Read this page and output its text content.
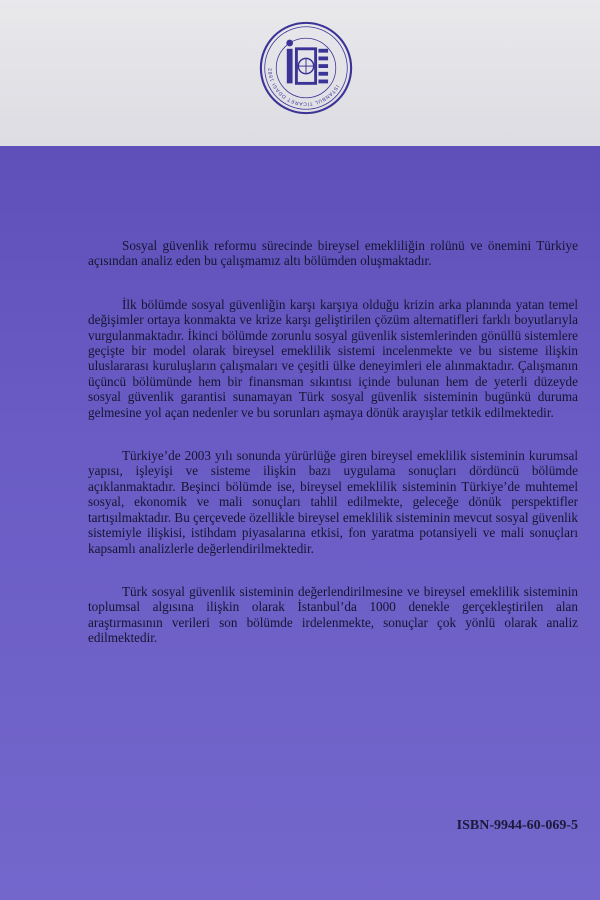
İSTANBUL TİCARET ODASI 1882

Sosyal güvenlik reformu sürecinde bireysel emekliliğin rolünü ve önemini Türkiye açısından analiz eden bu çalışmamız altı bölümden oluşmaktadır.

İlk bölümde sosyal güvenliğin karşı karşıya olduğu krizin arka planında yatan temel değişimler ortaya konmakta ve krize karşı geliştirilen çözüm alternatifleri farklı boyutlarıyla vurgulanmaktadır. İkinci bölümde zorunlu sosyal güvenlik sistemlerinden gönüllü sistemlere geçişte bir model olarak bireysel emeklilik sistemi incelenmekte ve bu sisteme ilişkin uluslararası kuruluşların çalışmaları ve çeşitli ülke deneyimleri ele alınmaktadır. Çalışmanın üçüncü bölümünde hem bir finansman sıkıntısı içinde bulunan hem de yeterli düzeyde sosyal güvenlik garantisi sunamayan Türk sosyal güvenlik sisteminin bugünkü duruma gelmesine yol açan nedenler ve bu sorunları aşmaya dönük arayışlar tetkik edilmektedir.

Türkiye’de 2003 yılı sonunda yürürlüğe giren bireysel emeklilik sisteminin kurumsal yapısı, işleyişi ve sisteme ilişkin bazı uygulama sonuçları dördüncü bölümde açıklanmaktadır. Beşinci bölümde ise, bireysel emeklilik sisteminin Türkiye’de muhtemel sosyal, ekonomik ve mali sonuçları tahlil edilmekte, geleceğe dönük perspektifler tartışılmaktadır. Bu çerçevede özellikle bireysel emeklilik sisteminin mevcut sosyal güvenlik sistemiyle ilişkisi, istihdam piyasalarına etkisi, fon yaratma potansiyeli ve mali sonuçları kapsamlı analizlerle değerlendirilmektedir.

Türk sosyal güvenlik sisteminin değerlendirilmesine ve bireysel emeklilik sisteminin toplumsal algısına ilişkin olarak İstanbul’da 1000 denekle gerçekleştirilen alan araştırmasının verileri son bölümde irdelenmekte, sonuçlar çok yönlü olarak analiz edilmektedir.

ISBN-9944-60-069-5
